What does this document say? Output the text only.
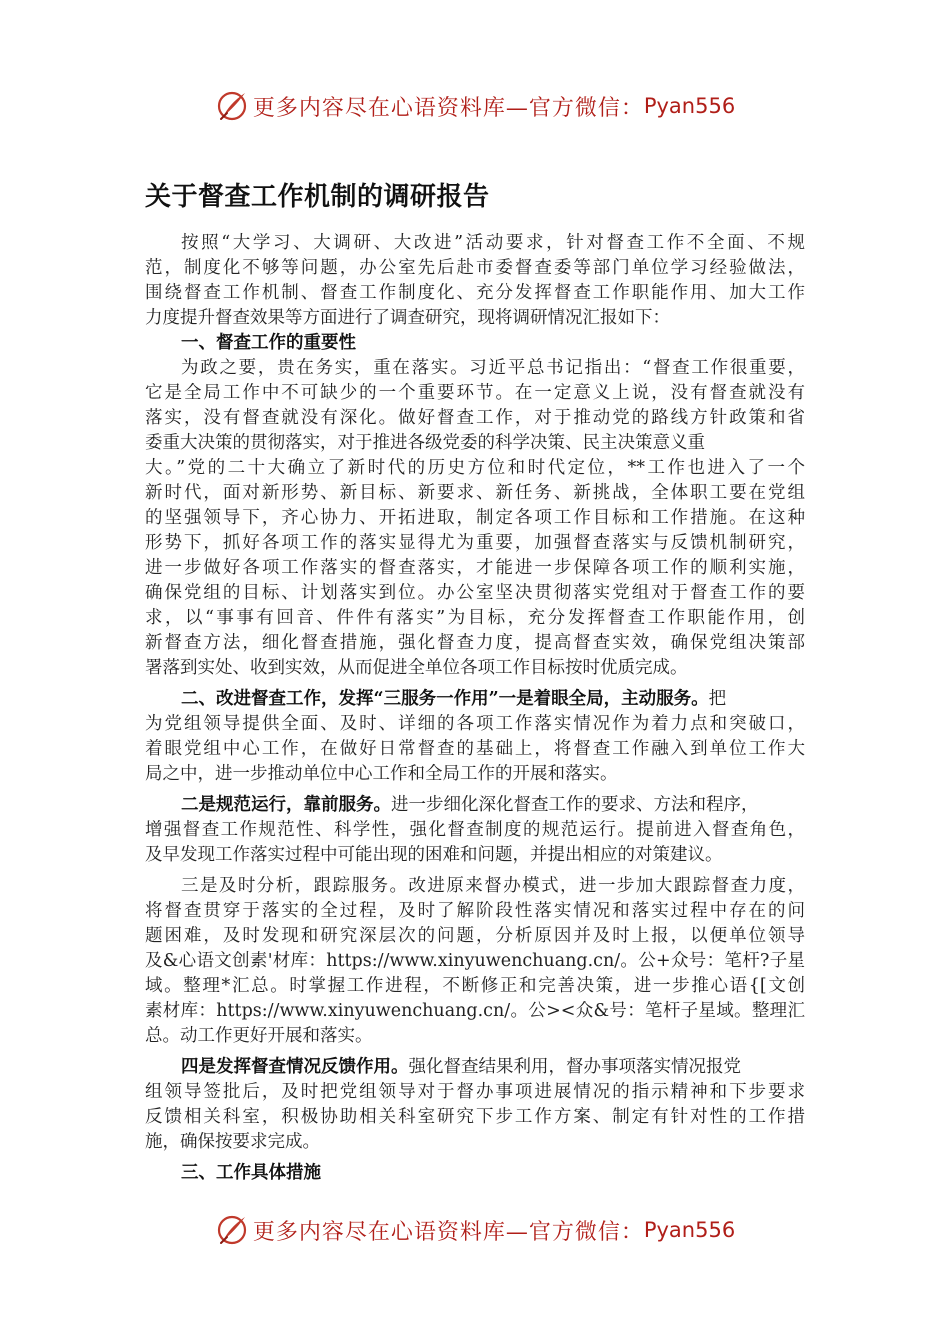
更多内容尽在心语资料库—官方微信： Pyan556
关于督查工作机制的调研报告
按照“大学习、大调研、大改进”活动要求，针对督查工作不全面、不规
范，制度化不够等问题，办公室先后赴市委督查委等部门单位学习经验做法，
围绕督查工作机制、督查工作制度化、充分发挥督查工作职能作用、加大工作
力度提升督查效果等方面进行了调查研究，现将调研情况汇报如下：
一、督查工作的重要性
为政之要，贵在务实，重在落实。习近平总书记指出：“督查工作很重要，
它是全局工作中不可缺少的一个重要环节。在一定意义上说，没有督查就没有
落实，没有督查就没有深化。做好督查工作，对于推动党的路线方针政策和省
委重大决策的贯彻落实，对于推进各级党委的科学决策、民主决策意义重
大。”党的二十大确立了新时代的历史方位和时代定位，**工作也进入了一个
新时代，面对新形势、新目标、新要求、新任务、新挑战，全体职工要在党组
的坚强领导下，齐心协力、开拓进取，制定各项工作目标和工作措施。在这种
形势下，抓好各项工作的落实显得尤为重要，加强督查落实与反馈机制研究，
进一步做好各项工作落实的督查落实，才能进一步保障各项工作的顺利实施，
确保党组的目标、计划落实到位。办公室坚决贯彻落实党组对于督查工作的要
求，以“事事有回音、件件有落实”为目标，充分发挥督查工作职能作用，创
新督查方法，细化督查措施，强化督查力度，提高督查实效，确保党组决策部
署落到实处、收到实效，从而促进全单位各项工作目标按时优质完成。
二、改进督查工作，发挥“三服务一作用”一是着眼全局，主动服务。把
为党组领导提供全面、及时、详细的各项工作落实情况作为着力点和突破口，
着眼党组中心工作，在做好日常督查的基础上，将督查工作融入到单位工作大
局之中，进一步推动单位中心工作和全局工作的开展和落实。
二是规范运行，靠前服务。进一步细化深化督查工作的要求、方法和程序，
增强督查工作规范性、科学性，强化督查制度的规范运行。提前进入督查角色，
及早发现工作落实过程中可能出现的困难和问题，并提出相应的对策建议。
三是及时分析，跟踪服务。改进原来督办模式，进一步加大跟踪督查力度，
将督查贯穿于落实的全过程，及时了解阶段性落实情况和落实过程中存在的问
题困难，及时发现和研究深层次的问题，分析原因并及时上报，以便单位领导
及&心语文创素'材库：https://www.xinyuwenchuang.cn/。公+众号：笔杆?子星
域。整理*汇总。时掌握工作进程，不断修正和完善决策，进一步推心语{[文创
素材库：https://www.xinyuwenchuang.cn/。公><众&号：笔杆子星域。整理汇
总。动工作更好开展和落实。
四是发挥督查情况反馈作用。强化督查结果利用，督办事项落实情况报党
组领导签批后，及时把党组领导对于督办事项进展情况的指示精神和下步要求
反馈相关科室，积极协助相关科室研究下步工作方案、制定有针对性的工作措
施，确保按要求完成。
三、工作具体措施
更多内容尽在心语资料库—官方微信： Pyan556
